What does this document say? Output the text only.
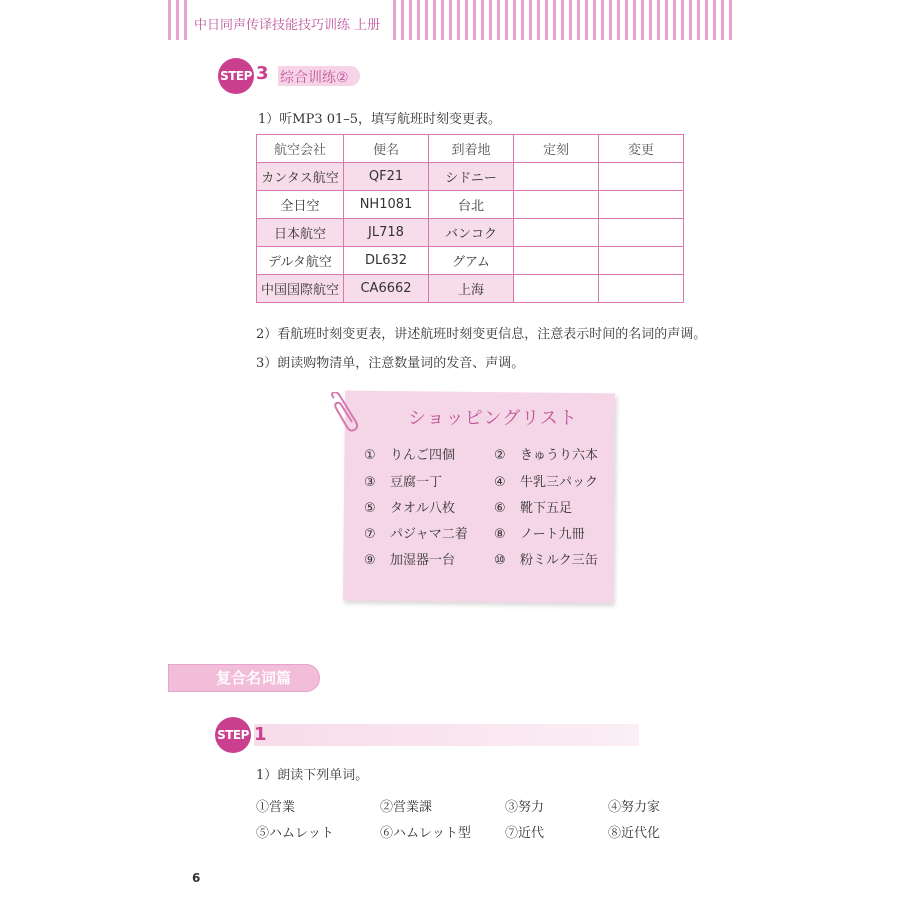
中日同声传译技能技巧训练 上册
STEP 3 综合训练②
1）听MP3 01–5，填写航班时刻变更表。
航空会社	便名	到着地	定刻	変更
カンタス航空	QF21	シドニー		
全日空	NH1081	台北		
日本航空	JL718	バンコク		
デルタ航空	DL632	グアム		
中国国際航空	CA6662	上海		
2）看航班时刻变更表，讲述航班时刻变更信息，注意表示时间的名词的声调。
3）朗读购物清单，注意数量词的发音、声调。
ショッピングリスト
① りんご四個	② きゅうり六本
③ 豆腐一丁	④ 牛乳三パック
⑤ タオル八枚	⑥ 靴下五足
⑦ パジャマ二着 ⑧ ノート九冊
⑨ 加湿器一台	⑩ 粉ミルク三缶
复合名词篇
STEP 1
1）朗读下列单词。
①営業	②営業課	③努力	④努力家
⑤ハムレット	⑥ハムレット型	⑦近代	⑧近代化
6
